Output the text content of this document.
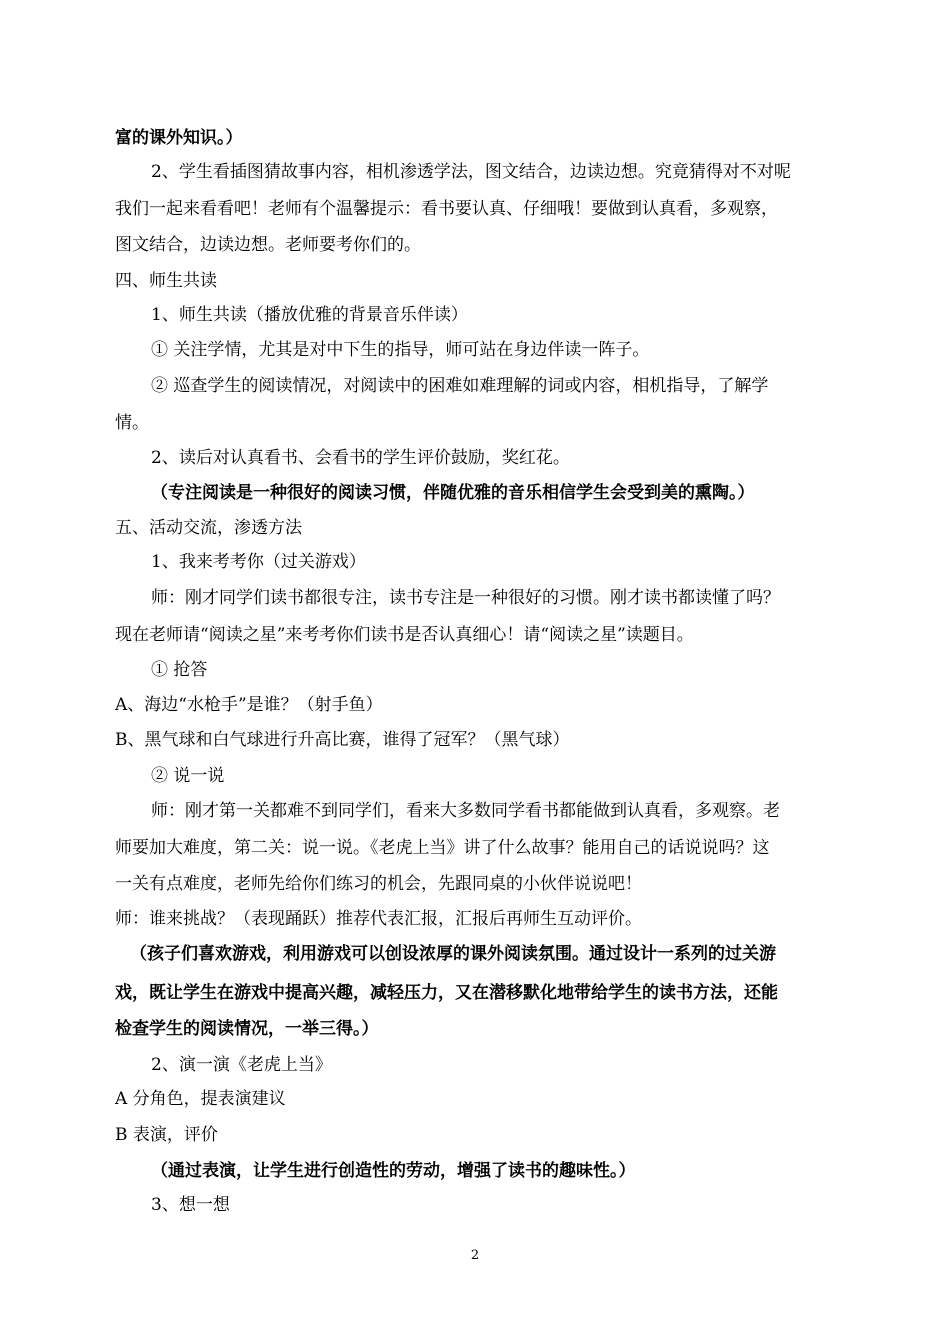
富的课外知识。）
2、学生看插图猜故事内容，相机渗透学法，图文结合，边读边想。究竟猜得对不对呢
我们一起来看看吧！老师有个温馨提示：看书要认真、仔细哦！要做到认真看，多观察，
图文结合，边读边想。老师要考你们的。
四、师生共读
1、师生共读（播放优雅的背景音乐伴读）
① 关注学情，尤其是对中下生的指导，师可站在身边伴读一阵子。
② 巡查学生的阅读情况，对阅读中的困难如难理解的词或内容，相机指导，了解学
情。
2、读后对认真看书、会看书的学生评价鼓励，奖红花。
（专注阅读是一种很好的阅读习惯，伴随优雅的音乐相信学生会受到美的熏陶。）
五、活动交流，渗透方法
1、我来考考你（过关游戏）
师：刚才同学们读书都很专注，读书专注是一种很好的习惯。刚才读书都读懂了吗？
现在老师请“阅读之星”来考考你们读书是否认真细心！请“阅读之星”读题目。
① 抢答
A、海边“水枪手”是谁？（射手鱼）
B、黑气球和白气球进行升高比赛，谁得了冠军？（黑气球）
② 说一说
师：刚才第一关都难不到同学们，看来大多数同学看书都能做到认真看，多观察。老
师要加大难度，第二关：说一说。《老虎上当》讲了什么故事？能用自己的话说说吗？这
一关有点难度，老师先给你们练习的机会，先跟同桌的小伙伴说说吧！
师：谁来挑战？（表现踊跃）推荐代表汇报，汇报后再师生互动评价。
（孩子们喜欢游戏，利用游戏可以创设浓厚的课外阅读氛围。通过设计一系列的过关游
戏，既让学生在游戏中提高兴趣，减轻压力，又在潜移默化地带给学生的读书方法，还能
检查学生的阅读情况，一举三得。）
2、演一演《老虎上当》
A 分角色，提表演建议
B 表演，评价
（通过表演，让学生进行创造性的劳动，增强了读书的趣味性。）
3、想一想
2
